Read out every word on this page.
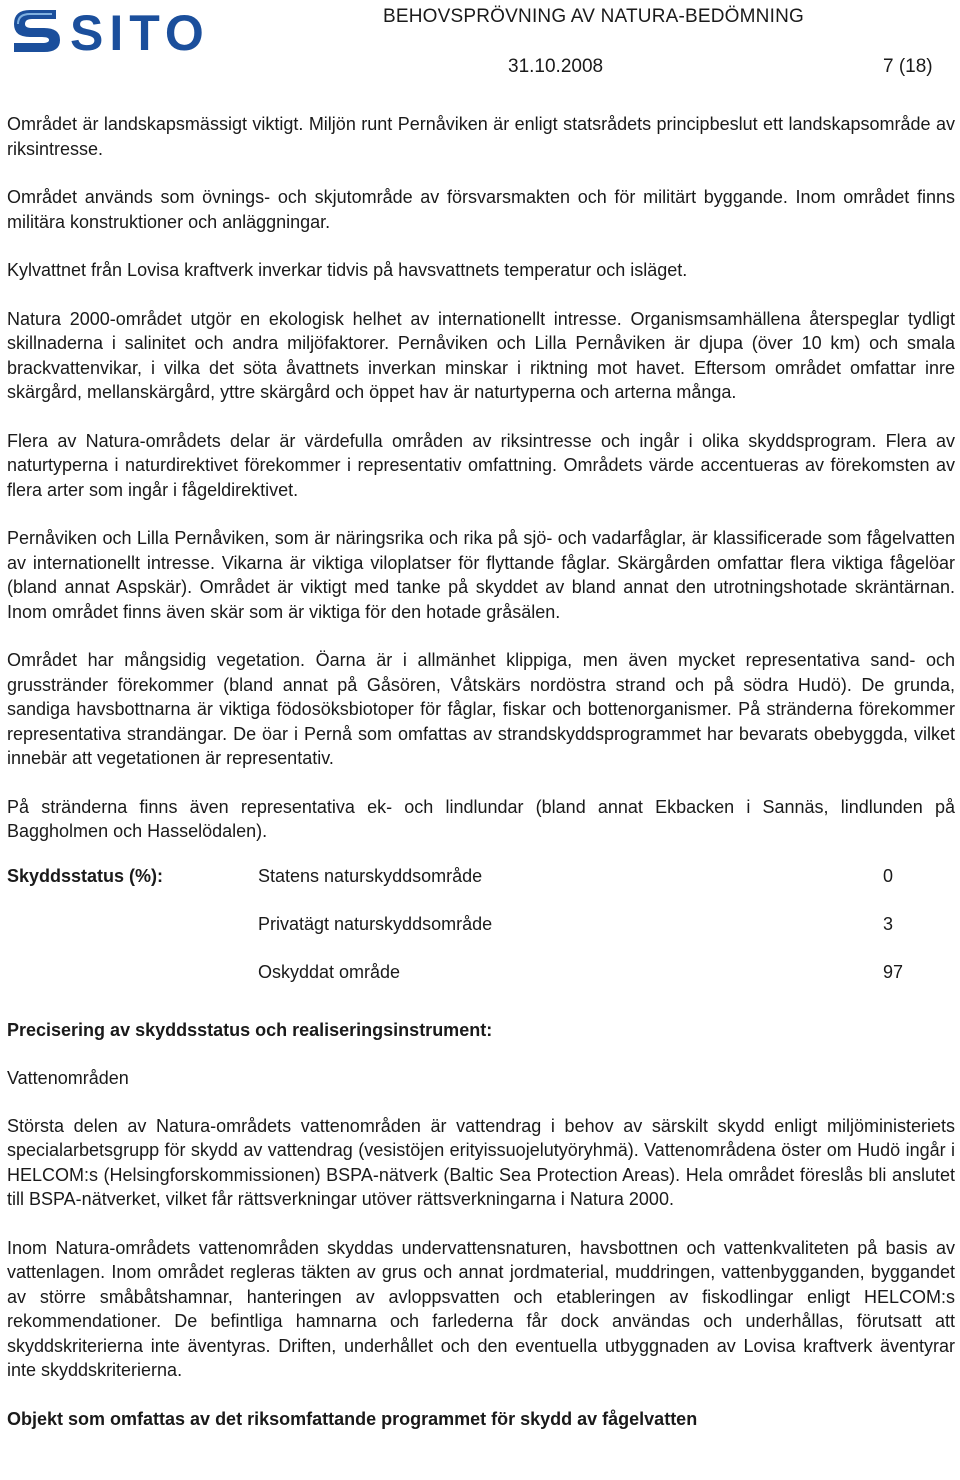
SITO	BEHOVSPRÖVNING AV NATURA-BEDÖMNING
31.10.2008	7 (18)

Området är landskapsmässigt viktigt. Miljön runt Pernåviken är enligt statsrådets principbeslut ett landskapsområde av riksintresse.

Området används som övnings- och skjutområde av försvarsmakten och för militärt byggande. Inom området finns militära konstruktioner och anläggningar.

Kylvattnet från Lovisa kraftverk inverkar tidvis på havsvattnets temperatur och isläget.

Natura 2000-området utgör en ekologisk helhet av internationellt intresse. Organismsamhällena återspeglar tydligt skillnaderna i salinitet och andra miljöfaktorer. Pernåviken och Lilla Pernåviken är djupa (över 10 km) och smala brackvattenvikar, i vilka det söta åvattnets inverkan minskar i riktning mot havet. Eftersom området omfattar inre skärgård, mellanskärgård, yttre skärgård och öppet hav är naturtyperna och arterna många.

Flera av Natura-områdets delar är värdefulla områden av riksintresse och ingår i olika skyddsprogram. Flera av naturtyperna i naturdirektivet förekommer i representativ omfattning. Områdets värde accentueras av förekomsten av flera arter som ingår i fågeldirektivet.

Pernåviken och Lilla Pernåviken, som är näringsrika och rika på sjö- och vadarfåglar, är klassificerade som fågelvatten av internationellt intresse. Vikarna är viktiga viloplatser för flyttande fåglar. Skärgården omfattar flera viktiga fågelöar (bland annat Aspskär). Området är viktigt med tanke på skyddet av bland annat den utrotningshotade skräntärnan. Inom området finns även skär som är viktiga för den hotade gråsälen.

Området har mångsidig vegetation. Öarna är i allmänhet klippiga, men även mycket representativa sand- och grusstränder förekommer (bland annat på Gåsören, Våtskärs nordöstra strand och på södra Hudö). De grunda, sandiga havsbottnarna är viktiga födosöksbiotoper för fåglar, fiskar och bottenorganismer. På stränderna förekommer representativa strandängar. De öar i Pernå som omfattas av strandskyddsprogrammet har bevarats obebyggda, vilket innebär att vegetationen är representativ.

På stränderna finns även representativa ek- och lindlundar (bland annat Ekbacken i Sannäs, lindlunden på Baggholmen och Hasselödalen).

Skyddsstatus (%):	Statens naturskyddsområde	0
Privatägt naturskyddsområde	3
Oskyddat område	97
Precisering av skyddsstatus och realiseringsinstrument:
Vattenområden

Största delen av Natura-områdets vattenområden är vattendrag i behov av särskilt skydd enligt miljöministeriets specialarbetsgrupp för skydd av vattendrag (vesistöjen erityissuojelutyöryhmä). Vattenområdena öster om Hudö ingår i HELCOM:s (Helsingforskommissionen) BSPA-nätverk (Baltic Sea Protection Areas). Hela området föreslås bli anslutet till BSPA-nätverket, vilket får rättsverkningar utöver rättsverkningarna i Natura 2000.

Inom Natura-områdets vattenområden skyddas undervattensnaturen, havsbottnen och vattenkvaliteten på basis av vattenlagen. Inom området regleras täkten av grus och annat jordmaterial, muddringen, vattenbygganden, byggandet av större småbåtshamnar, hanteringen av avloppsvatten och etableringen av fiskodlingar enligt HELCOM:s rekommendationer. De befintliga hamnarna och farlederna får dock användas och underhållas, förutsatt att skyddskriterierna inte äventyras. Driften, underhållet och den eventuella utbyggnaden av Lovisa kraftverk äventyrar inte skyddskriterierna.

Objekt som omfattas av det riksomfattande programmet för skydd av fågelvatten
